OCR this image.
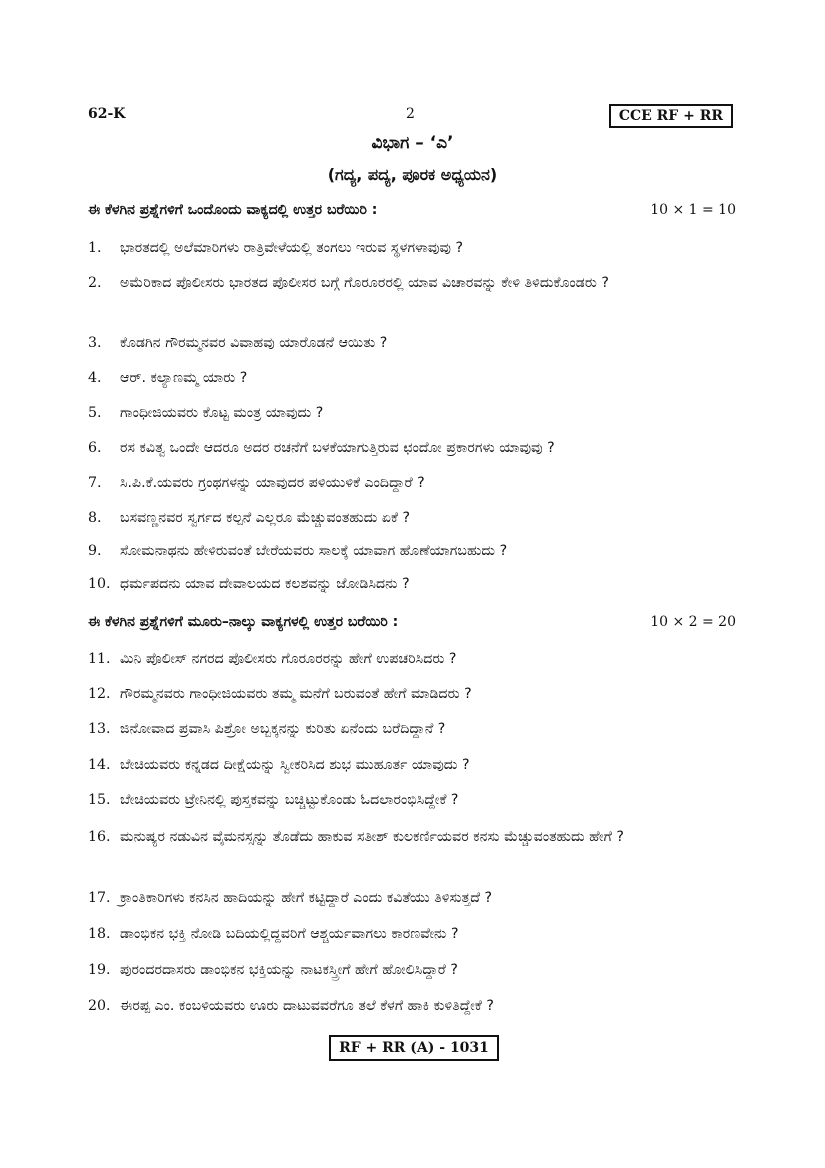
62-K	2	CCE RF + RR
ವಿಭಾಗ – ‘ಎ’
(ಗದ್ಯ, ಪದ್ಯ, ಪೂರಕ ಅಧ್ಯಯನ)
ಈ ಕೆಳಗಿನ ಪ್ರಶ್ನೆಗಳಿಗೆ ಒಂದೊಂದು ವಾಕ್ಯದಲ್ಲಿ ಉತ್ತರ ಬರೆಯಿರಿ :	10 × 1 = 10
1.	ಭಾರತದಲ್ಲಿ ಅಲೆಮಾರಿಗಳು ರಾತ್ರಿವೇಳೆಯಲ್ಲಿ ತಂಗಲು ಇರುವ ಸ್ಥಳಗಳಾವುವು ?
2.	ಅಮೆರಿಕಾದ ಪೊಲೀಸರು ಭಾರತದ ಪೊಲೀಸರ ಬಗ್ಗೆ ಗೊರೂರರಲ್ಲಿ ಯಾವ ವಿಚಾರವನ್ನು ಕೇಳಿ ತಿಳಿದುಕೊಂಡರು ?
3.	ಕೊಡಗಿನ ಗೌರಮ್ಮನವರ ವಿವಾಹವು ಯಾರೊಡನೆ ಆಯಿತು ?
4.	ಆರ್. ಕಲ್ಯಾಣಮ್ಮ ಯಾರು ?
5.	ಗಾಂಧೀಜಿಯವರು ಕೊಟ್ಟ ಮಂತ್ರ ಯಾವುದು ?
6.	ರಸ ಕವಿತ್ವ ಒಂದೇ ಆದರೂ ಅದರ ರಚನೆಗೆ ಬಳಕೆಯಾಗುತ್ತಿರುವ ಛಂದೋ ಪ್ರಕಾರಗಳು ಯಾವುವು ?
7.	ಸಿ.ಪಿ.ಕೆ.ಯವರು ಗ್ರಂಥಗಳನ್ನು ಯಾವುದರ ಪಳಿಯುಳಿಕೆ ಎಂದಿದ್ದಾರೆ ?
8.	ಬಸವಣ್ಣನವರ ಸ್ವರ್ಗದ ಕಲ್ಪನೆ ಎಲ್ಲರೂ ಮೆಚ್ಚುವಂತಹುದು ಏಕೆ ?
9.	ಸೋಮನಾಥನು ಹೇಳಿರುವಂತೆ ಬೇರೆಯವರು ಸಾಲಕ್ಕೆ ಯಾವಾಗ ಹೊಣೆಯಾಗಬಹುದು ?
10. ಧರ್ಮಪದನು ಯಾವ ದೇವಾಲಯದ ಕಲಶವನ್ನು ಜೋಡಿಸಿದನು ?
ಈ ಕೆಳಗಿನ ಪ್ರಶ್ನೆಗಳಿಗೆ ಮೂರು–ನಾಲ್ಕು ವಾಕ್ಯಗಳಲ್ಲಿ ಉತ್ತರ ಬರೆಯಿರಿ :	10 × 2 = 20
11. ಮಿನಿ ಪೊಲೀಸ್ ನಗರದ ಪೊಲೀಸರು ಗೊರೂರರನ್ನು ಹೇಗೆ ಉಪಚರಿಸಿದರು ?
12. ಗೌರಮ್ಮನವರು ಗಾಂಧೀಜಿಯವರು ತಮ್ಮ ಮನೆಗೆ ಬರುವಂತೆ ಹೇಗೆ ಮಾಡಿದರು ?
13. ಜಿನೋವಾದ ಪ್ರವಾಸಿ ಪಿಶ್ರೋ ಅಬ್ಬಕ್ಕನನ್ನು ಕುರಿತು ಏನೆಂದು ಬರೆದಿದ್ದಾನೆ ?
14. ಬೇಚಿಯವರು ಕನ್ನಡದ ದೀಕ್ಷೆಯನ್ನು ಸ್ವೀಕರಿಸಿದ ಶುಭ ಮುಹೂರ್ತ ಯಾವುದು ?
15. ಬೇಚಿಯವರು ಟ್ರೇನಿನಲ್ಲಿ ಪುಸ್ತಕವನ್ನು ಬಚ್ಚಿಟ್ಟುಕೊಂಡು ಓದಲಾರಂಭಿಸಿದ್ದೇಕೆ ?
16. ಮನುಷ್ಯರ ನಡುವಿನ ವೈಮನಸ್ಸನ್ನು ತೊಡೆದು ಹಾಕುವ ಸತೀಶ್ ಕುಲಕರ್ಣಿಯವರ ಕನಸು ಮೆಚ್ಚುವಂತಹುದು ಹೇಗೆ ?
17. ಕ್ರಾಂತಿಕಾರಿಗಳು ಕನಸಿನ ಹಾದಿಯನ್ನು ಹೇಗೆ ಕಟ್ಟಿದ್ದಾರೆ ಎಂದು ಕವಿತೆಯು ತಿಳಿಸುತ್ತದೆ ?
18. ಡಾಂಭಿಕನ ಭಕ್ತಿ ನೋಡಿ ಬದಿಯಲ್ಲಿದ್ದವರಿಗೆ ಆಶ್ಚರ್ಯವಾಗಲು ಕಾರಣವೇನು ?
19. ಪುರಂದರದಾಸರು ಡಾಂಭಿಕನ ಭಕ್ತಿಯನ್ನು ನಾಟಕಸ್ತ್ರೀಗೆ ಹೇಗೆ ಹೋಲಿಸಿದ್ದಾರೆ ?
20. ಈರಪ್ಪ ಎಂ. ಕಂಬಳಿಯವರು ಊರು ದಾಟುವವರೆಗೂ ತಲೆ ಕೆಳಗೆ ಹಾಕಿ ಕುಳಿತಿದ್ದೇಕೆ ?
RF + RR (A) - 1031
